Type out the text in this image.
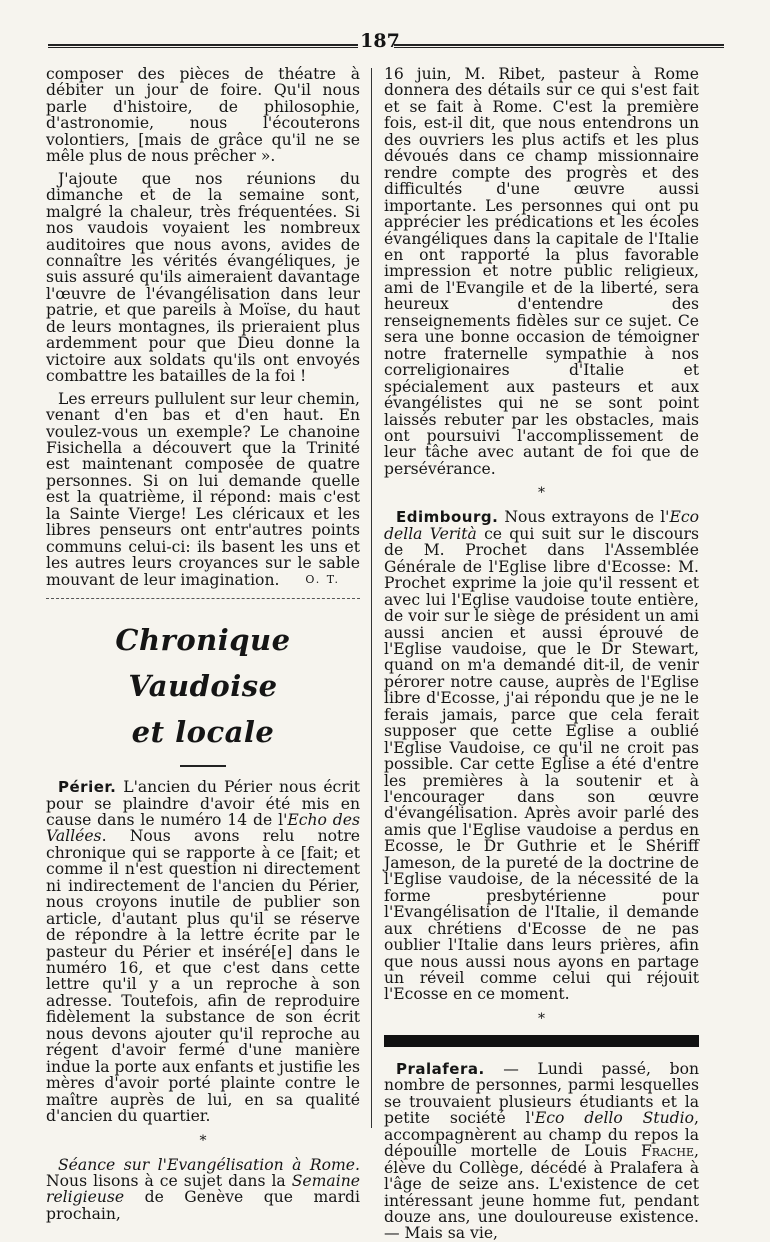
187

composer des pièces de théatre à débiter un jour de foire. Qu'il nous parle d'histoire, de philosophie, d'astronomie, nous l'écouterons volontiers, [mais de grâce qu'il ne se mêle plus de nous prêcher ».

J'ajoute que nos réunions du dimanche et de la semaine sont, malgré la chaleur, très fréquentées. Si nos vaudois voyaient les nombreux auditoires que nous avons, avides de connaître les vérités évangéliques, je suis assuré qu'ils aimeraient davantage l'œuvre de l'évangélisation dans leur patrie, et que pareils à Moïse, du haut de leurs montagnes, ils prieraient plus ardemment pour que Dieu donne la victoire aux soldats qu'ils ont envoyés combattre les batailles de la foi !

Les erreurs pullulent sur leur chemin, venant d'en bas et d'en haut. En voulez-vous un exemple? Le chanoine Fisichella a découvert que la Trinité est maintenant composée de quatre personnes. Si on lui demande quelle est la quatrième, il répond: mais c'est la Sainte Vierge! Les cléricaux et les libres penseurs ont entr'autres points communs celui-ci: ils basent les uns et les autres leurs croyances sur le sable mouvant de leur imagination.	O. T.

Chronique Vaudoise
et locale

Périer. L'ancien du Périer nous écrit pour se plaindre d'avoir été mis en cause dans le numéro 14 de l'Echo des Vallées. Nous avons relu notre chronique qui se rapporte à ce [fait; et comme il n'est question ni directement ni indirectement de l'ancien du Périer, nous croyons inutile de publier son article, d'autant plus qu'il se réserve de répondre à la lettre écrite par le pasteur du Périer et inséré[e] dans le numéro 16, et que c'est dans cette lettre qu'il y a un reproche à son adresse. Toutefois, afin de reproduire fidèlement la substance de son écrit nous devons ajouter qu'il reproche au régent d'avoir fermé d'une manière indue la porte aux enfants et justifie les mères d'avoir porté plainte contre le maître auprès de lui, en sa qualité d'ancien du quartier.

*

Séance sur l'Evangélisation à Rome. Nous lisons à ce sujet dans la Semaine religieuse de Genève que mardi prochain,

16 juin, M. Ribet, pasteur à Rome donnera des détails sur ce qui s'est fait et se fait à Rome. C'est la première fois, est-il dit, que nous entendrons un des ouvriers les plus actifs et les plus dévoués dans ce champ missionnaire rendre compte des progrès et des difficultés d'une œuvre aussi importante. Les personnes qui ont pu apprécier les prédications et les écoles évangéliques dans la capitale de l'Italie en ont rapporté la plus favorable impression et notre public religieux, ami de l'Evangile et de la liberté, sera heureux d'entendre des renseignements fidèles sur ce sujet. Ce sera une bonne occasion de témoigner notre fraternelle sympathie à nos correligionaires d'Italie et spécialement aux pasteurs et aux évangélistes qui ne se sont point laissés rebuter par les obstacles, mais ont poursuivi l'accomplissement de leur tâche avec autant de foi que de persévérance.

*

Edimbourg. Nous extrayons de l'Eco della Verità ce qui suit sur le discours de M. Prochet dans l'Assemblée Générale de l'Eglise libre d'Ecosse: M. Prochet exprime la joie qu'il ressent et avec lui l'Eglise vaudoise toute entière, de voir sur le siège de président un ami aussi ancien et aussi éprouvé de l'Eglise vaudoise, que le Dr Stewart, quand on m'a demandé dit-il, de venir pérorer notre cause, auprès de l'Eglise libre d'Ecosse, j'ai répondu que je ne le ferais jamais, parce que cela ferait supposer que cette Eglise a oublié l'Eglise Vaudoise, ce qu'il ne croit pas possible. Car cette Eglise a été d'entre les premières à la soutenir et à l'encourager dans son œuvre d'évangélisation. Après avoir parlé des amis que l'Eglise vaudoise a perdus en Ecosse, le Dr Guthrie et le Shériff Jameson, de la pureté de la doctrine de l'Eglise vaudoise, de la nécessité de la forme presbytérienne pour l'Evangélisation de l'Italie, il demande aux chrétiens d'Ecosse de ne pas oublier l'Italie dans leurs prières, afin que nous aussi nous ayons en partage un réveil comme celui qui réjouit l'Ecosse en ce moment.

*

Pralafera. — Lundi passé, bon nombre de personnes, parmi lesquelles se trouvaient plusieurs étudiants et la petite société l'Eco dello Studio, accompagnèrent au champ du repos la dépouille mortelle de Louis Frache, élève du Collège, décédé à Pralafera à l'âge de seize ans. L'existence de cet intéressant jeune homme fut, pendant douze ans, une douloureuse existence. — Mais sa vie,
